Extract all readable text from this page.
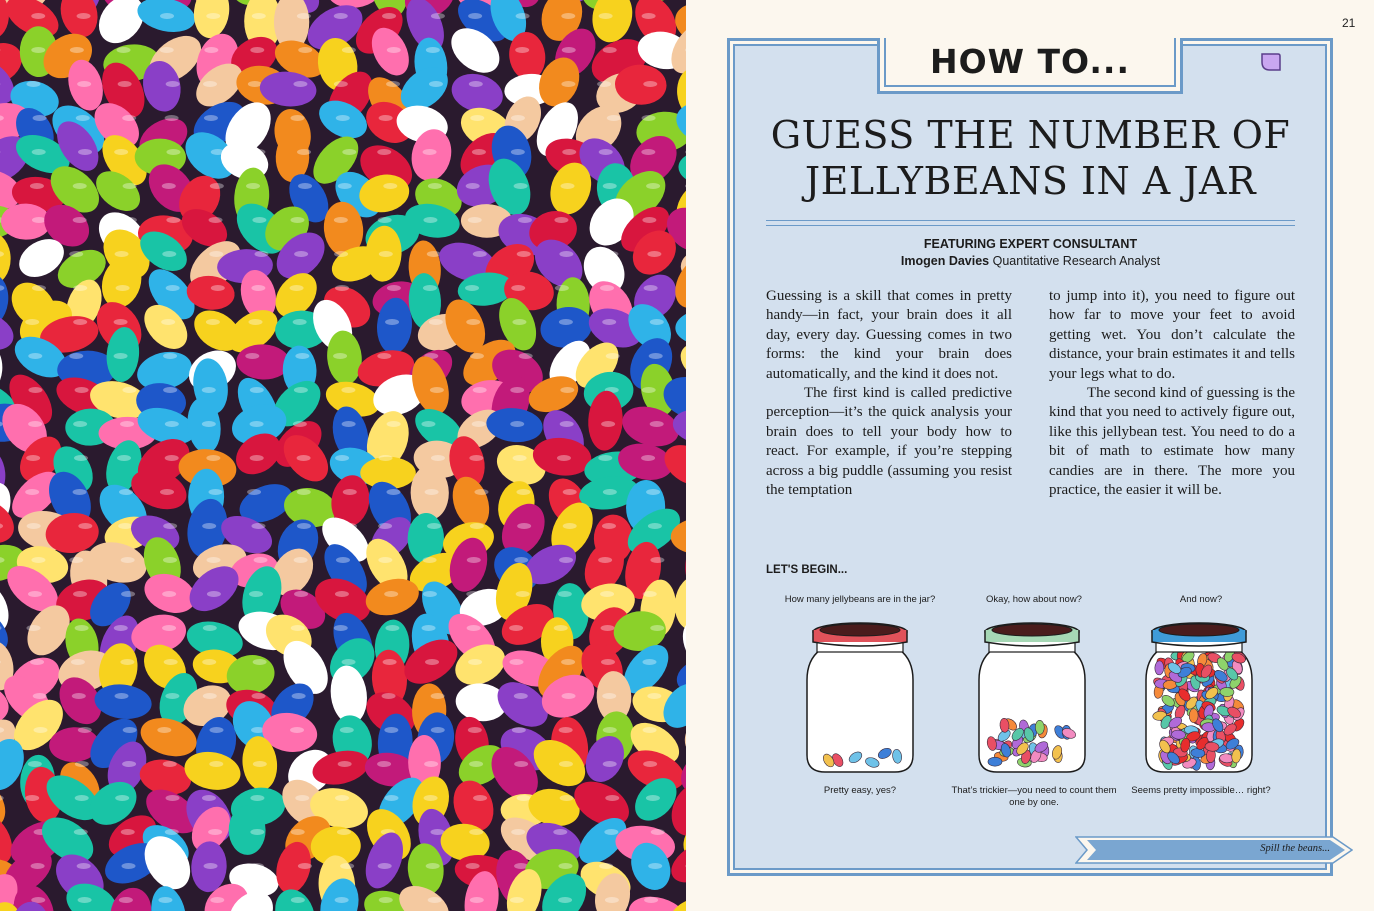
21
HOW TO...
GUESS THE NUMBER OF JELLYBEANS IN A JAR
FEATURING EXPERT CONSULTANT
Imogen Davies Quantitative Research Analyst

Guessing is a skill that comes in pretty handy—in fact, your brain does it all day, every day. Guessing comes in two forms: the kind your brain does automatically, and the kind it does not.

The first kind is called predictive perception—it’s the quick analysis your brain does to tell your body how to react. For example, if you’re stepping across a big puddle (assuming you resist the temptation

to jump into it), you need to figure out how far to move your feet to avoid getting wet. You don’t calculate the distance, your brain estimates it and tells your legs what to do.

The second kind of guessing is the kind that you need to actively figure out, like this jellybean test. You need to do a bit of math to estimate how many candies are in there. The more you practice, the easier it will be.

LET'S BEGIN...
How many jellybeans are in the jar?	Okay, how about now?	And now?
Pretty easy, yes?	That’s trickier—you need to count them one by one.
Seems pretty impossible… right?
Spill the beans...
